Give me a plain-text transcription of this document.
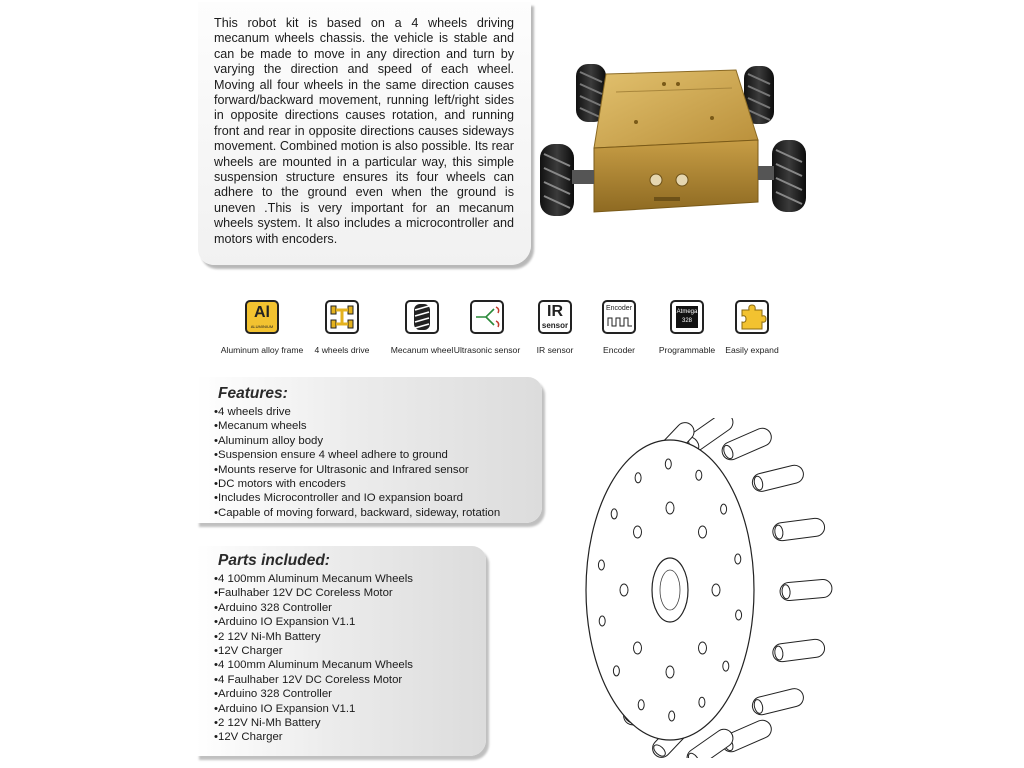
This robot kit is based on a 4 wheels driving mecanum wheels chassis. the vehicle is stable and can be made to move in any direction and turn by varying the direction and speed of each wheel. Moving all four wheels in the same direction causes forward/backward movement, running left/right sides in opposite directions causes rotation, and running front and rear in opposite directions causes sideways movement. Combined motion is also possible. Its rear wheels are mounted in a particular way, this simple suspension structure ensures its four wheels can adhere to the ground even when the ground is uneven .This is very important for an mecanum wheels system. It also includes a microcontroller and motors with encoders.

Al
ALUMINIUM
Aluminum alloy frame	4 wheels drive	Mecanum wheel Ultrasonic sensor
IR
sensor
IR sensor
Encoder
Encoder
Atmega
328
Programmable	Easily expand
Features:
•4 wheels drive
•Mecanum wheels
•Aluminum alloy body
•Suspension ensure 4 wheel adhere to ground
•Mounts reserve for Ultrasonic and Infrared sensor
•DC motors with encoders
•Includes Microcontroller and IO expansion board
•Capable of moving forward, backward, sideway, rotation
Parts included:
•4 100mm Aluminum Mecanum Wheels
•Faulhaber 12V DC Coreless Motor
•Arduino 328 Controller
•Arduino IO Expansion V1.1
•2 12V Ni-Mh Battery
•12V Charger
•4 100mm Aluminum Mecanum Wheels
•4 Faulhaber 12V DC Coreless Motor
•Arduino 328 Controller
•Arduino IO Expansion V1.1
•2 12V Ni-Mh Battery
•12V Charger
